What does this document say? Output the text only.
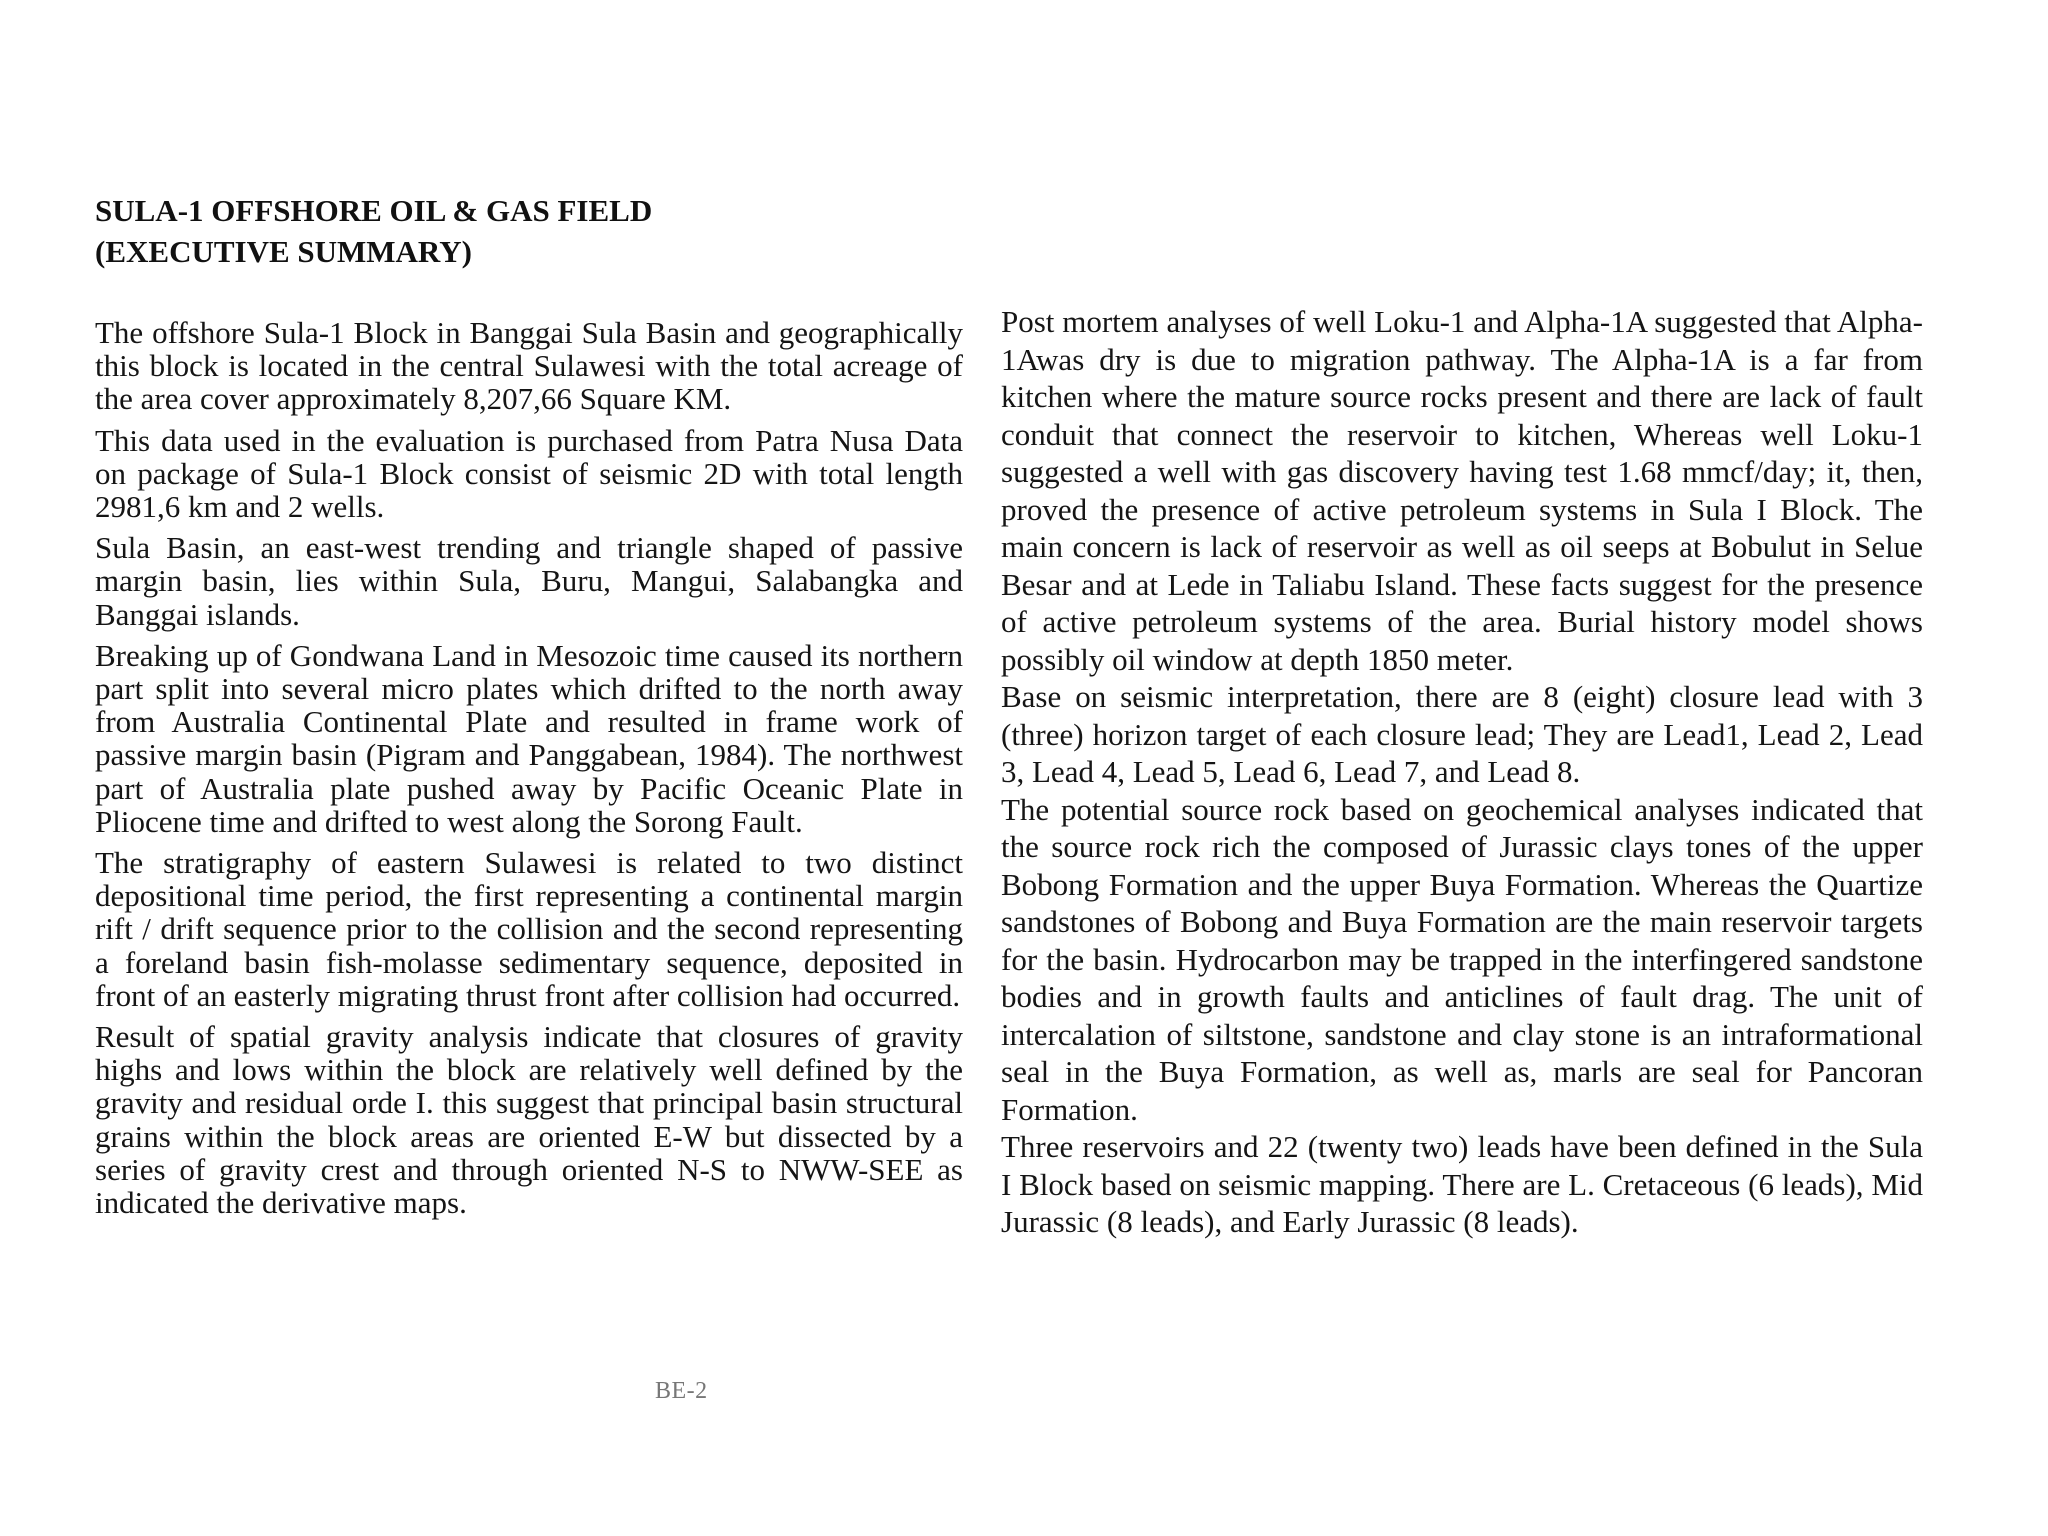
SULA-1 OFFSHORE OIL & GAS FIELD
(EXECUTIVE SUMMARY)

The offshore Sula-1 Block in Banggai Sula Basin and geographically this block is located in the central Sulawesi with the total acreage of the area cover approximately 8,207,66 Square KM.

This data used in the evaluation is purchased from Patra Nusa Data on package of Sula-1 Block consist of seismic 2D with total length 2981,6 km and 2 wells.

Sula Basin, an east-west trending and triangle shaped of passive margin basin, lies within Sula, Buru, Mangui, Salabangka and Banggai islands.

Breaking up of Gondwana Land in Mesozoic time caused its northern part split into several micro plates which drifted to the north away from Australia Continental Plate and resulted in frame work of passive margin basin (Pigram and Panggabean, 1984). The northwest part of Australia plate pushed away by Pacific Oceanic Plate in Pliocene time and drifted to west along the Sorong Fault.

The stratigraphy of eastern Sulawesi is related to two distinct depositional time period, the first representing a continental margin rift / drift sequence prior to the collision and the second representing a foreland basin fish-molasse sedimentary sequence, deposited in front of an easterly migrating thrust front after collision had occurred.

Result of spatial gravity analysis indicate that closures of gravity highs and lows within the block are relatively well defined by the gravity and residual orde I. this suggest that principal basin structural grains within the block areas are oriented E-W but dissected by a series of gravity crest and through oriented N-S to NWW-SEE as indicated the derivative maps.

Post mortem analyses of well Loku-1 and Alpha-1A suggested that Alpha-1Awas dry is due to migration pathway. The Alpha-1A is a far from kitchen where the mature source rocks present and there are lack of fault conduit that connect the reservoir to kitchen, Whereas well Loku-1 suggested a well with gas discovery having test 1.68 mmcf/day; it, then, proved the presence of active petroleum systems in Sula I Block. The main concern is lack of reservoir as well as oil seeps at Bobulut in Selue Besar and at Lede in Taliabu Island. These facts suggest for the presence of active petroleum systems of the area. Burial history model shows possibly oil window at depth 1850 meter.

Base on seismic interpretation, there are 8 (eight) closure lead with 3 (three) horizon target of each closure lead; They are Lead1, Lead 2, Lead 3, Lead 4, Lead 5, Lead 6, Lead 7, and Lead 8.

The potential source rock based on geochemical analyses indicated that the source rock rich the composed of Jurassic clays tones of the upper Bobong Formation and the upper Buya Formation. Whereas the Quartize sandstones of Bobong and Buya Formation are the main reservoir targets for the basin. Hydrocarbon may be trapped in the interfingered sandstone bodies and in growth faults and anticlines of fault drag. The unit of intercalation of siltstone, sandstone and clay stone is an intraformational seal in the Buya Formation, as well as, marls are seal for Pancoran Formation.

Three reservoirs and 22 (twenty two) leads have been defined in the Sula I Block based on seismic mapping. There are L. Cretaceous (6 leads), Mid Jurassic (8 leads), and Early Jurassic (8 leads).

BE-2
